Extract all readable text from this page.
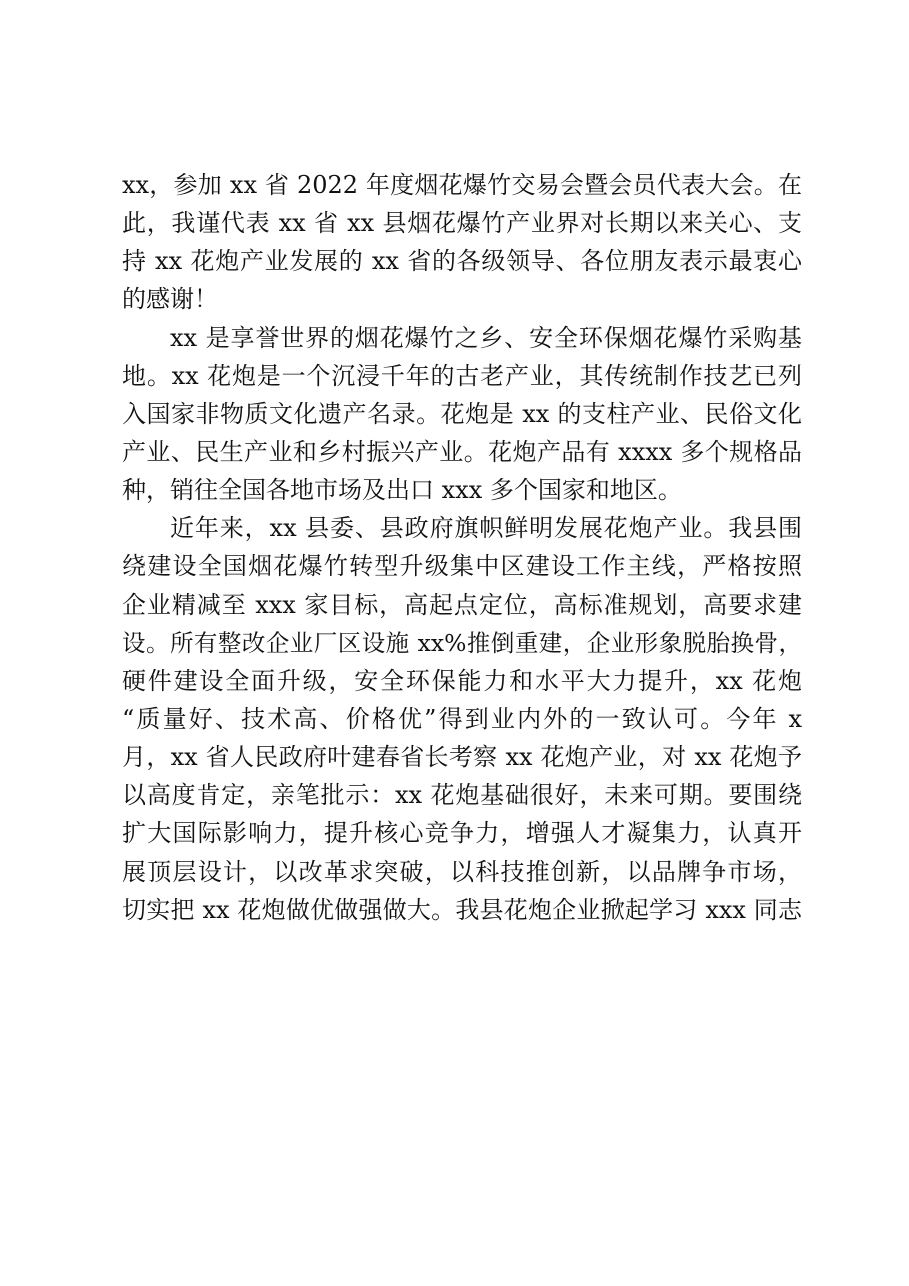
xx，参加 xx 省 2022 年度烟花爆竹交易会暨会员代表大会。在
此，我谨代表 xx 省 xx 县烟花爆竹产业界对长期以来关心、支
持 xx 花炮产业发展的 xx 省的各级领导、各位朋友表示最衷心
的感谢！
xx 是享誉世界的烟花爆竹之乡、安全环保烟花爆竹采购基
地。xx 花炮是一个沉浸千年的古老产业，其传统制作技艺已列
入国家非物质文化遗产名录。花炮是 xx 的支柱产业、民俗文化
产业、民生产业和乡村振兴产业。花炮产品有 xxxx 多个规格品
种，销往全国各地市场及出口 xxx 多个国家和地区。
近年来，xx 县委、县政府旗帜鲜明发展花炮产业。我县围
绕建设全国烟花爆竹转型升级集中区建设工作主线，严格按照
企业精减至 xxx 家目标，高起点定位，高标准规划，高要求建
设。所有整改企业厂区设施 xx%推倒重建，企业形象脱胎换骨，
硬件建设全面升级，安全环保能力和水平大力提升，xx 花炮
“质量好、技术高、价格优”得到业内外的一致认可。今年 x
月，xx 省人民政府叶建春省长考察 xx 花炮产业，对 xx 花炮予
以高度肯定，亲笔批示：xx 花炮基础很好，未来可期。要围绕
扩大国际影响力，提升核心竞争力，增强人才凝集力，认真开
展顶层设计，以改革求突破，以科技推创新，以品牌争市场，
切实把 xx 花炮做优做强做大。我县花炮企业掀起学习 xxx 同志
